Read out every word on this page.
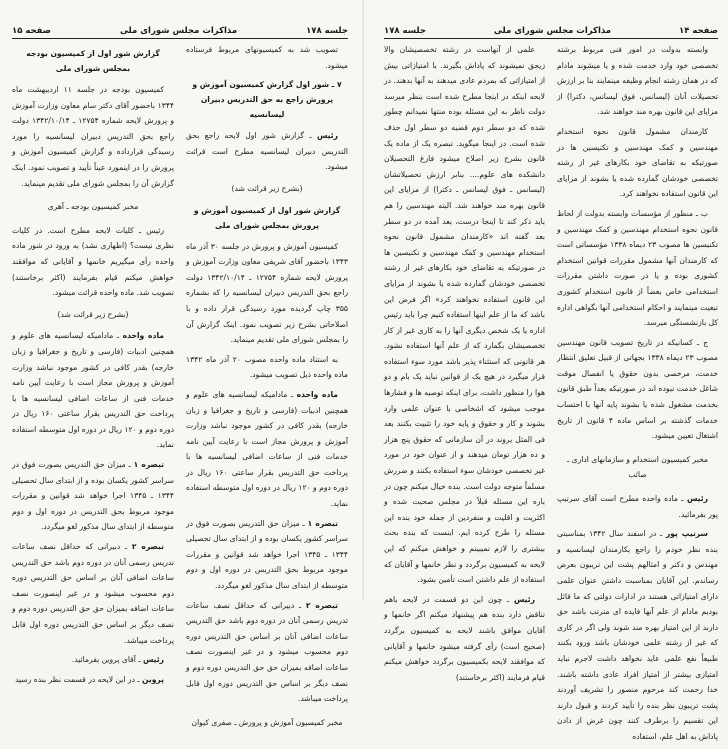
جلسه ۱۷۸
مذاکرات مجلس شورای ملی
صفحه ۱۵

تصویب شد به کمیسیونهای مربوط فرستاده میشود.

۷ ـ شور اول گزارش کمیسیون آموزش و پرورش راجع به حق التدریس دبیران لیسانسیه

رئیس ـ گزارش شور اول لایحه راجع بحق التدریس دبیران لیسانسیه مطرح است قرائت میشود.

(بشرح زیر قرائت شد)

گزارش شور اول از کمیسیون آموزش و پرورش بمجلس شورای ملی

کمیسیون آموزش و پرورش در جلسه ۳۰ آذر ماه ۱۳۴۳ باحضور آقای شریفی معاون وزارت آموزش و پرورش لایحه شماره ۱۲۷۵۴ ـ ۱۳۴۲/۱۰/۱۴ دولت راجع بحق التدریس دبیران لیسانسیه را که بشماره ۳۵۵ چاپ گردیده مورد رسیدگی قرار داده و با اصلاحاتی بشرح زیر تصویب نمود. اینک گزارش آن را بمجلس شورای ملی تقدیم مینماید.

به استناد ماده واحده مصوب ۲۰ آذر ماه ۱۳۴۲ ماده واحده ذیل تصویب میشود.

ماده واحده ـ مادامیکه لیسانسیه های علوم و همچنین ادبیات (فارسی و تاریخ و جغرافیا و زبان خارجه) بقدر کافی در کشور موجود نباشد وزارت آموزش و پرورش مجاز است با رعایت آیین نامه خدمات فنی از ساعات اضافی لیسانسیه ها با پرداخت حق التدریس بقرار ساعتی ۱۶۰ ریال در دوره دوم و ۱۲۰ ریال در دوره اول متوسطه استفاده نماید.

تبصره ۱ ـ میزان حق التدریس بصورت فوق در سراسر کشور یکسان بوده و از ابتدای سال تحصیلی ۱۳۴۴ ـ ۱۳۴۵ اجرا خواهد شد قوانین و مقررات موجود مربوط بحق التدریس در دوره اول و دوم متوسطه از ابتدای سال مذکور لغو میگردد.

تبصره ۲ ـ دبیرانی که حداقل نصف ساعات تدریس رسمی آنان در دوره دوم باشد حق التدریس ساعات اضافی آنان بر اساس حق التدریس دوره دوم محسوب میشود و در غیر اینصورت نصف ساعات اضافه بمیزان حق حق التدریس دوره دوم و نصف دیگر بر اساس حق التدریس دوره اول قابل پرداخت میباشد.

مخبر کمیسیون آموزش و پرورش ـ صفری کیوان

گزارش شور اول از کمیسیون بودجه بمجلس شورای ملی

کمیسیون بودجه در جلسه ۱۱ اردیبهشت ماه ۱۳۴۴ باحضور آقای دکتر سام معاون وزارت آموزش و پرورش لایحه شماره ۱۲۷۵۴ ـ ۱۳۴۲/۱۰/۱۴ دولت راجع بحق التدریس دبیران لیسانسیه را مورد رسیدگی قرارداده و گزارش کمیسیون آموزش و پرورش را در اینمورد عیناً تأیید و تصویب نمود. اینک گزارش آن را بمجلس شورای ملی تقدیم مینماید.

مخبر کمیسیون بودجه ـ آهری

رئیس ـ کلیات لایحه مطرح است. در کلیات نظری نیست؟ (اظهاری نشد) به ورود در شور ماده واحده رأی میگیریم خانمها و آقایانی که موافقند خواهش میکنم قیام بفرمایند (اکثر برخاستند) تصویب شد. ماده واحده قرائت میشود.

(بشرح زیر قرائت شد)

ماده واحده ـ مادامیکه لیسانسیه های علوم و همچنین ادبیات (فارسی و تاریخ و جغرافیا و زبان خارجه) بقدر کافی در کشور موجود نباشد وزارت آموزش و پرورش مجاز است با رعایت آیین نامه خدمات فنی از ساعات اضافی لیسانسیه ها با پرداخت حق التدریس بقرار ساعتی ۱۶۰ ریال در دوره دوم و ۱۲۰ ریال در دوره اول متوسطه استفاده نماید.

تبصره ۱ ـ میزان حق التدریس بصورت فوق در سراسر کشور یکسان بوده و از ابتدای سال تحصیلی ۱۳۴۴ ـ ۱۳۴۵ اجرا خواهد شد قوانین و مقررات موجود مربوط بحق التدریس در دوره اول و دوم متوسطه از ابتدای سال مذکور لغو میگردد.

تبصره ۲ ـ دبیرانی که حداقل نصف ساعات تدریس رسمی آنان در دوره دوم باشد حق التدریس ساعات اضافی آنان بر اساس حق التدریس دوره دوم محسوب میشود و در غیر اینصورت نصف ساعات اضافه بمیزان حق حق التدریس دوره دوم و نصف دیگر بر اساس حق التدریس دوره اول قابل پرداخت میباشد.

رئیس ـ آقای پروین بفرمائید.

پروین ـ در این لایحه در قسمت نظر بنده رسید

صفحه ۱۴
مذاکرات مجلس شورای ملی
جلسه ۱۷۸

وابسته بدولت در امور فنی مربوط برشته تخصصی خود وارد خدمت شده و یا میشوند مادام که در همان رشته انجام وظیفه مینمایند بنا بر ارزش تحصیلات آنان (لیسانس، فوق لیسانس، دکترا) از مزایای این قانون بهره مند خواهند شد.

کارمندان مشمول قانون نحوه استخدام مهندسین و کمک مهندسین و تکنیسین ها در صورتیکه به تقاضای خود بکارهای غیر از رشته تخصصی خودشان گمارده شده یا بشوند از مزایای این قانون استفاده نخواهند کرد.

ب ـ منظور از مؤسسات وابسته بدولت از لحاظ قانون نحوه استخدام مهندسین و کمک مهندسین و تکنیسین ها مصوب ۲۳ دیماه ۱۳۳۸ مؤسساتی است که کارمندان آنها مشمول مقررات قوانین استخدام کشوری بوده و یا در صورت داشتن مقررات استخدامی خاص بعضاً از قانون استخدام کشوری تبعیت مینمایند و احکام استخدامی آنها بگواهی اداره کل بازنشستگی میرسد.

ج ـ کسانیکه در تاریخ تصویب قانون مهندسین مصوب ۲۳ دیماه ۱۳۳۸ بجهاتی از قبیل تعلیق انتظار خدمت، مرخصی بدون حقوق یا انفصال موقت شاغل خدمت نبوده اند در صورتیکه بعداً طبق قانون بخدمت مشغول شده یا بشوند پایه آنها با احتساب خدمات گذشته بر اساس ماده ۴ قانون از تاریخ اشتغال تعیین میشود.

مخبر کمیسیون استخدام و سازمانهای اداری ـ صائب

رئیس ـ ماده واحده مطرح است آقای سرتیپ پور بفرمائید.

سرتیپ پور ـ در اسفند سال ۱۳۴۲ بمناسبتی بنده نظر خودم را راجع بکارمندان لیسانسیه و مهندس و دکتر و امثالهم پشت این تریبون بعرض رساندم. این آقایان بمناسبت داشتن عنوان علمی دارای امتیازاتی هستند در ادارات دولتی که ما قائل بودیم مادام از علم آنها فایده ای مترتب باشد حق دارند از این امتیاز بهره مند شوند ولی اگر در کاری که غیر از رشته علمی خودشان باشد ورود بکنند طبیعاً نفع علمی عاید نخواهد داشت لاجرم نباید امتیازی بیشتر از امتیاز افراد عادی داشته باشند. خدا رحمت کند مرحوم منصور را تشریف آوردند پشت تریبون نظر بنده را تأیید کردند و قبول دارند این تقسیم را برطرف کنند چون غرض از دادن پاداش به اهل علم، استفاده

علمی از آنهاست در رشته تخصصیشان والا زیحق نمیشوند که پاداش بگیرند. با امتیازاتی بیش از امتیازاتی که بمردم عادی میدهند به آنها بدهند. در لایحه اینکه در اینجا مطرح شده است بنظر میرسد دولت ناظر به این مسئله بوده منتها نمیدانم چطور شده که دو سطر دوم قضیه دو سطر اول حذف شده است. در اینجا میگوید. تبصره یک از ماده یک قانون بشرح زیر اصلاح میشود فارغ التحصیلان دانشکده های علوم.... بنابر ارزش تحصیلاتشان (لیسانس ـ فوق لیسانس ـ دکترا) از مزایای این قانون بهره مند خواهند شد. البته مهندسین را هم باید ذکر کند تا اینجا درست، بعد آمده در دو سطر بعد گفته اند «کارمندان مشمول قانون نحوه استخدام مهندسین و کمک مهندسین و تکنیسین ها در صورتیکه به تقاضای خود بکارهای غیر از رشته تخصصی خودشان گمارده شده یا بشوند از مزایای این قانون استفاده نخواهند کرد» اگر فرض این باشد که ما از علم اینها استفاده کنیم چرا باید رئیس اداره یا یک شخص دیگری آنها را به کاری غیر از کار تخصصیشان بگمارد که از علم آنها استفاده نشود. هر قانونی که استثناء پذیر باشد مورد سوء استفاده قرار میگیرد در هیچ یک از قوانین نباید یک بام و دو هوا را منظور داشت، برای اینکه توصیه ها و فشارها موجب میشود که اشخاصی با عنوان علمی وارد بشوند و کار و حقوق و پایه خود را تثبیت بکنند بعد فی المثل بروند در آن سازمانی که حقوق پنج هزار و ده هزار تومان میدهند و از عنوان خود در مورد غیر تخصصی خودشان سوء استفاده بکنند و ضررش مسلماً متوجه دولت است. بنده خیال میکنم چون در باره این مسئله قبلاً در مجلس صحبت شده و اکثریت و اقلیت و منفردین از جمله خود بنده این مسئله را طرح کرده ایم. اینست که بنده بحث بیشتری را لازم نمیبینم و خواهش میکنم که این لایحه به کمیسیون برگردد و نظر خانمها و آقایان که استفاده از علم داشتن است تأمین بشود.

رئیس ـ چون این دو قسمت در لایحه باهم تناقض دارد بنده هم پیشنهاد میکنم اگر خانمها و آقایان موافق باشند لایحه به کمیسیون برگردد (صحیح است) رأی گرفته میشود خانمها و آقایانی که موافقند لایحه بکمیسیون برگردد خواهش میکنم قیام فرمایند (اکثر برخاستند)
